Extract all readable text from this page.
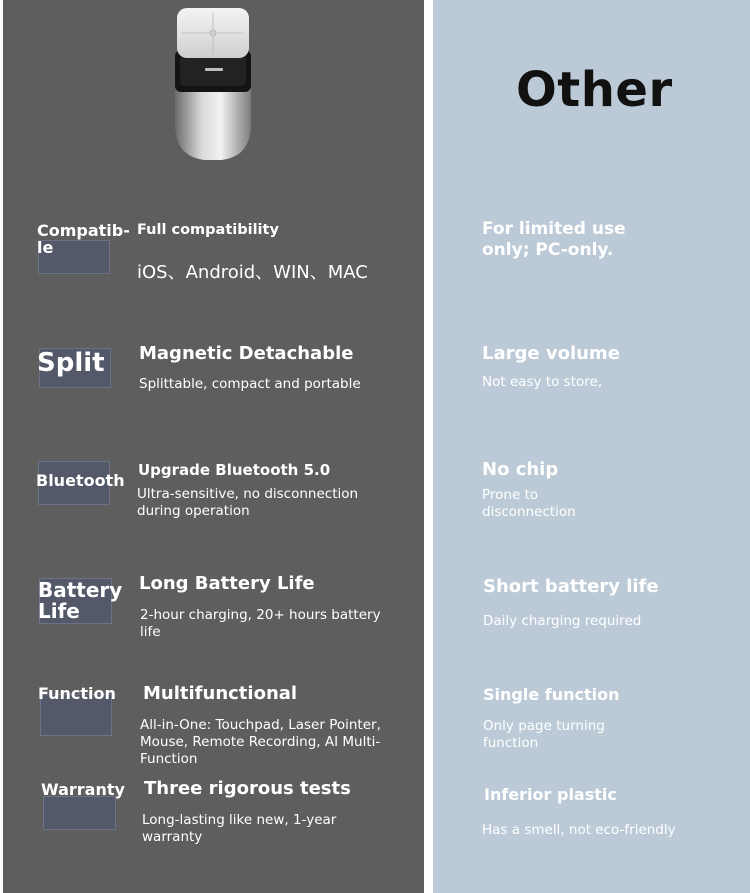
Other
Compatib-
le
Full compatibility
iOS、Android、WIN、MAC
For limited use
only; PC-only.
Split Magnetic Detachable
Splittable, compact and portable
Large volume
Not easy to store,
Bluetooth
Upgrade Bluetooth 5.0
Ultra-sensitive, no disconnection
during operation
No chip
Prone to
disconnection
Battery
Life
Long Battery Life
2-hour charging, 20+ hours battery
life
Short battery life
Daily charging required
Function Multifunctional
All-in-One: Touchpad, Laser Pointer,
Mouse, Remote Recording, AI Multi-
Function
Single function
Only page turning
function
Warranty Three rigorous tests
Long-lasting like new, 1-year
warranty
Inferior plastic
Has a smell, not eco-friendly
